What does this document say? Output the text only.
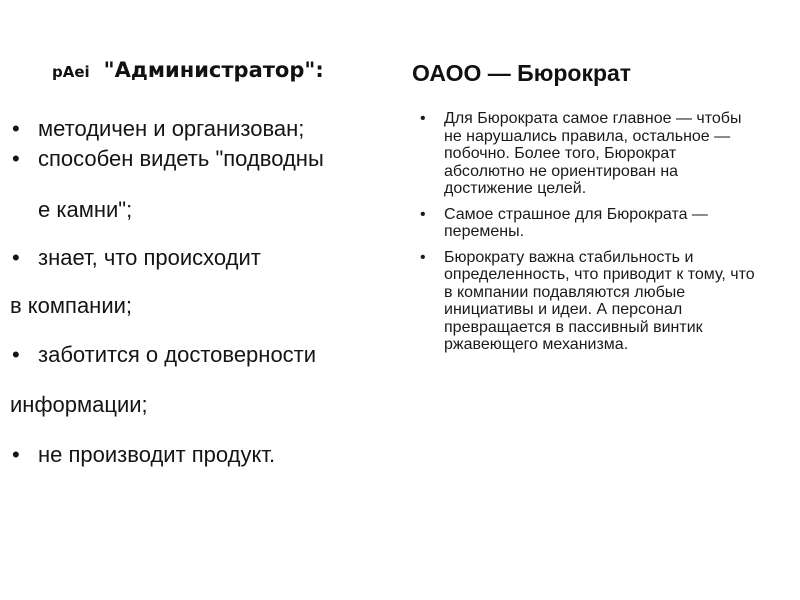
pAei "Администратор":	ОАОО — Бюрократ
• методичен и организован;
• способен видеть "подводны
е камни";
• знает, что происходит
в компании;
• заботится о достоверности
информации;
• не производит продукт.
• Для Бюрократа самое главное — чтобы не нарушались правила, остальное — побочно. Более того, Бюрократ абсолютно не ориентирован на достижение целей.
• Самое страшное для Бюрократа — перемены.
• Бюрократу важна стабильность и определенность, что приводит к тому, что в компании подавляются любые инициативы и идеи. А персонал превращается в пассивный винтик ржавеющего механизма.
